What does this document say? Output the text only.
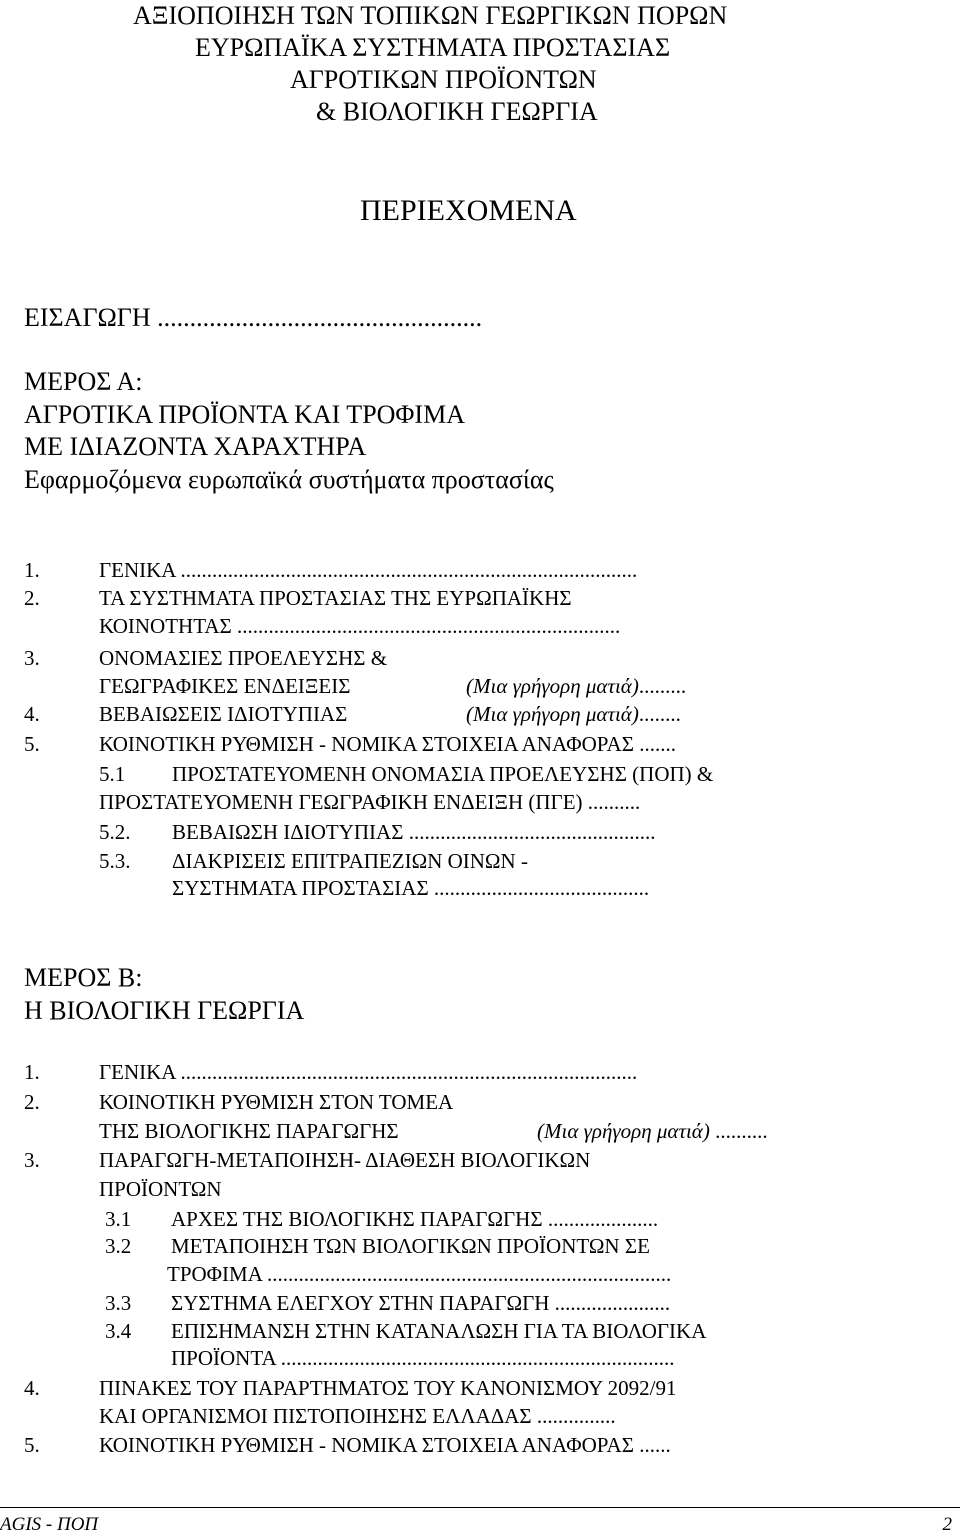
ΑΞΙΟΠΟΙΗΣΗ ΤΩΝ ΤΟΠΙΚΩΝ ΓΕΩΡΓΙΚΩΝ ΠΟΡΩΝ
ΕΥΡΩΠΑΪΚΑ ΣΥΣΤΗΜΑΤΑ ΠΡΟΣΤΑΣΙΑΣ
ΑΓΡΟΤΙΚΩΝ ΠΡΟΪΟΝΤΩΝ
& ΒΙΟΛΟΓΙΚΗ ΓΕΩΡΓΙΑ
ΠΕΡΙΕΧΟΜΕΝΑ
ΕΙΣΑΓΩΓΗ ..................................................
ΜΕΡΟΣ Α:
ΑΓΡΟΤΙΚΑ ΠΡΟΪΟΝΤΑ ΚΑΙ ΤΡΟΦΙΜΑ
ΜΕ ΙΔΙΑΖΟΝΤΑ ΧΑΡΑΧΤΗΡΑ
Εφαρμοζόμενα ευρωπαϊκά συστήματα προστασίας
1.	ΓΕΝΙΚΑ .......................................................................................
2.	ΤΑ ΣΥΣΤΗΜΑΤΑ ΠΡΟΣΤΑΣΙΑΣ ΤΗΣ ΕΥΡΩΠΑΪΚΗΣ
ΚΟΙΝΟΤΗΤΑΣ .........................................................................
3.	ΟΝΟΜΑΣΙΕΣ ΠΡΟΕΛΕΥΣΗΣ &
ΓΕΩΓΡΑΦΙΚΕΣ ΕΝΔΕΙΞΕΙΣ	(Μια γρήγορη ματιά).........
4.	ΒΕΒΑΙΩΣΕΙΣ ΙΔΙΟΤΥΠΙΑΣ	(Μια γρήγορη ματιά)........
5.	ΚΟΙΝΟΤΙΚΗ ΡΥΘΜΙΣΗ - ΝΟΜΙΚΑ ΣΤΟΙΧΕΙΑ ΑΝΑΦΟΡΑΣ .......
5.1 ΠΡΟΣΤΑΤΕΥΟΜΕΝΗ ΟΝΟΜΑΣΙΑ ΠΡΟΕΛΕΥΣΗΣ (ΠΟΠ) &
ΠΡΟΣΤΑΤΕΥΟΜΕΝΗ ΓΕΩΓΡΑΦΙΚΗ ΕΝΔΕΙΞΗ (ΠΓΕ) ..........
5.2. ΒΕΒΑΙΩΣΗ ΙΔΙΟΤΥΠΙΑΣ ...............................................
5.3. ΔΙΑΚΡΙΣΕΙΣ ΕΠΙΤΡΑΠΕΖΙΩΝ ΟΙΝΩΝ -
ΣΥΣΤΗΜΑΤΑ ΠΡΟΣΤΑΣΙΑΣ .........................................
ΜΕΡΟΣ Β:
Η ΒΙΟΛΟΓΙΚΗ ΓΕΩΡΓΙΑ
1.	ΓΕΝΙΚΑ .......................................................................................
2.	ΚΟΙΝΟΤΙΚΗ ΡΥΘΜΙΣΗ ΣΤΟΝ ΤΟΜΕΑ
ΤΗΣ ΒΙΟΛΟΓΙΚΗΣ ΠΑΡΑΓΩΓΗΣ	(Μια γρήγορη ματιά) ..........
3.	ΠΑΡΑΓΩΓΗ-ΜΕΤΑΠΟΙΗΣΗ- ΔΙΑΘΕΣΗ ΒΙΟΛΟΓΙΚΩΝ
ΠΡΟΪΟΝΤΩΝ
3.1 ΑΡΧΕΣ ΤΗΣ ΒΙΟΛΟΓΙΚΗΣ ΠΑΡΑΓΩΓΗΣ .....................
3.2 ΜΕΤΑΠΟΙΗΣΗ ΤΩΝ ΒΙΟΛΟΓΙΚΩΝ ΠΡΟΪΟΝΤΩΝ ΣΕ
ΤΡΟΦΙΜΑ .............................................................................
3.3 ΣΥΣΤΗΜΑ ΕΛΕΓΧΟΥ ΣΤΗΝ ΠΑΡΑΓΩΓΗ ......................
3.4 ΕΠΙΣΗΜΑΝΣΗ ΣΤΗΝ ΚΑΤΑΝΑΛΩΣΗ ΓΙΑ ΤΑ ΒΙΟΛΟΓΙΚΑ
ΠΡΟΪΟΝΤΑ ...........................................................................
4.	ΠΙΝΑΚΕΣ ΤΟΥ ΠΑΡΑΡΤΗΜΑΤΟΣ ΤΟΥ ΚΑΝΟΝΙΣΜΟΥ 2092/91
ΚΑΙ ΟΡΓΑΝΙΣΜΟΙ ΠΙΣΤΟΠΟΙΗΣΗΣ ΕΛΛΑΔΑΣ ...............
5.	ΚΟΙΝΟΤΙΚΗ ΡΥΘΜΙΣΗ - ΝΟΜΙΚΑ ΣΤΟΙΧΕΙΑ ΑΝΑΦΟΡΑΣ ......
AGIS - ΠΟΠ	2
